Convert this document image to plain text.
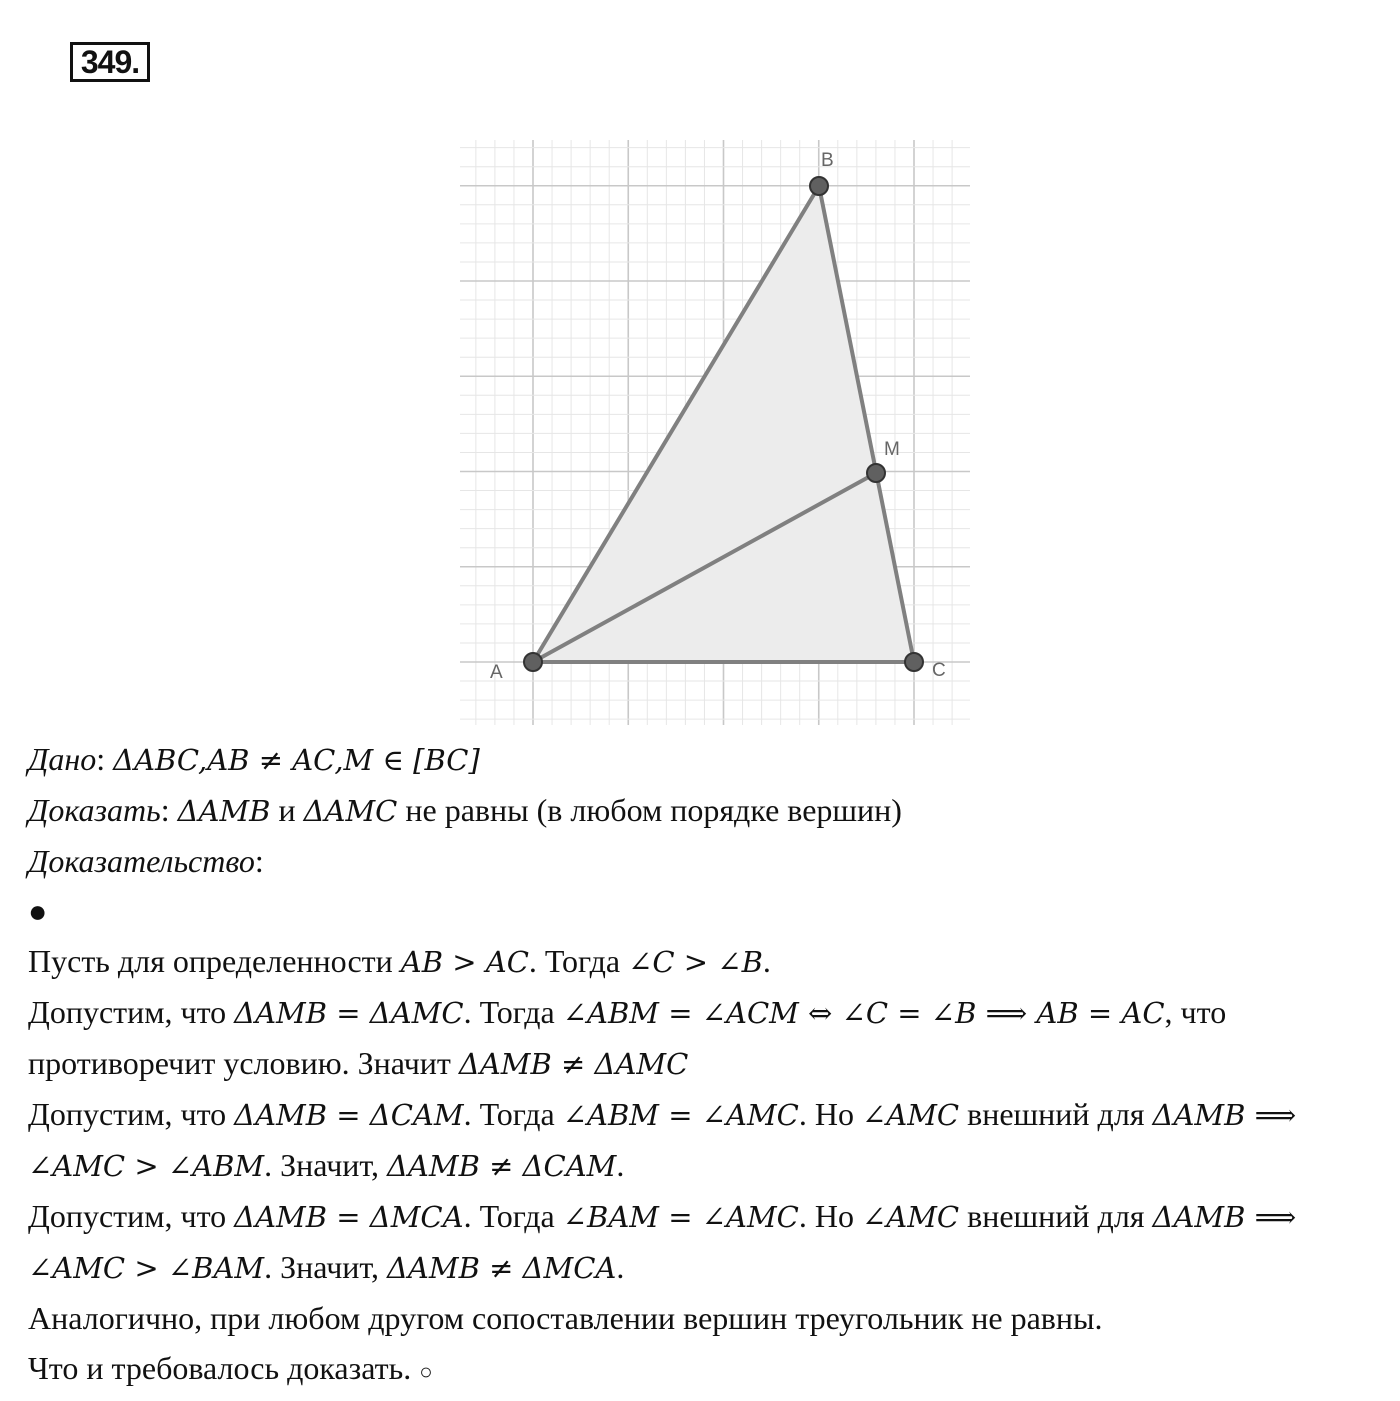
349.
A
B
C
M
Дано: ΔABC,AB ≠ AC,M ∈ [BC]
Доказать: ΔAMB и ΔAMC не равны (в любом порядке вершин)
Доказательство:
●
Пусть для определенности AB > AC. Тогда ∠C > ∠B.
Допустим, что ΔAMB = ΔAMC. Тогда ∠ABM = ∠ACM ⇔ ∠C = ∠B ⟹ AB = AC, что
противоречит условию. Значит ΔAMB ≠ ΔAMC
Допустим, что ΔAMB = ΔCAM. Тогда ∠ABM = ∠AMC. Но ∠AMC внешний для ΔAMB ⟹
∠AMC > ∠ABM. Значит, ΔAMB ≠ ΔCAM.
Допустим, что ΔAMB = ΔMCA. Тогда ∠BAM = ∠AMC. Но ∠AMC внешний для ΔAMB ⟹
∠AMC > ∠BAM. Значит, ΔAMB ≠ ΔMCA.
Аналогично, при любом другом сопоставлении вершин треугольник не равны.
Что и требовалось доказать. ○
